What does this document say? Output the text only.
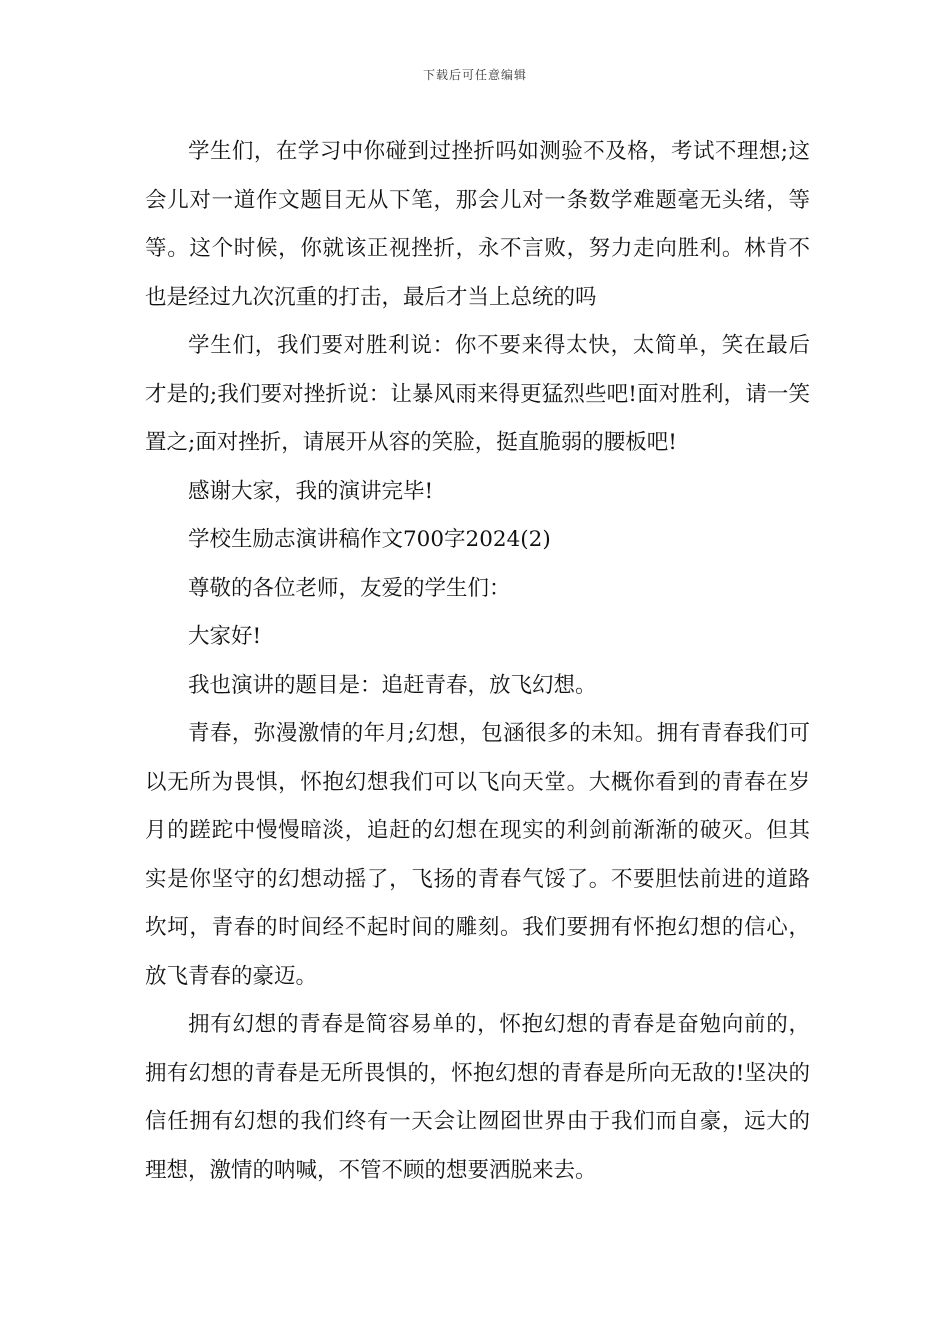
下载后可任意编辑

学生们，在学习中你碰到过挫折吗如测验不及格，考试不理想;这会儿对一道作文题目无从下笔，那会儿对一条数学难题毫无头绪，等等。这个时候，你就该正视挫折，永不言败，努力走向胜利。林肯不也是经过九次沉重的打击，最后才当上总统的吗

学生们，我们要对胜利说：你不要来得太快，太简单，笑在最后才是的;我们要对挫折说：让暴风雨来得更猛烈些吧!面对胜利，请一笑置之;面对挫折，请展开从容的笑脸，挺直脆弱的腰板吧!

感谢大家，我的演讲完毕!

学校生励志演讲稿作文700字2024(2)

尊敬的各位老师，友爱的学生们：

大家好!

我也演讲的题目是：追赶青春，放飞幻想。

青春，弥漫激情的年月;幻想，包涵很多的未知。拥有青春我们可以无所为畏惧，怀抱幻想我们可以飞向天堂。大概你看到的青春在岁月的蹉跎中慢慢暗淡，追赶的幻想在现实的利剑前渐渐的破灭。但其实是你坚守的幻想动摇了，飞扬的青春气馁了。不要胆怯前进的道路坎坷，青春的时间经不起时间的雕刻。我们要拥有怀抱幻想的信心，放飞青春的豪迈。

拥有幻想的青春是简容易单的，怀抱幻想的青春是奋勉向前的，拥有幻想的青春是无所畏惧的，怀抱幻想的青春是所向无敌的!坚决的信任拥有幻想的我们终有一天会让囫囵世界由于我们而自豪，远大的理想，激情的呐喊，不管不顾的想要洒脱来去。
